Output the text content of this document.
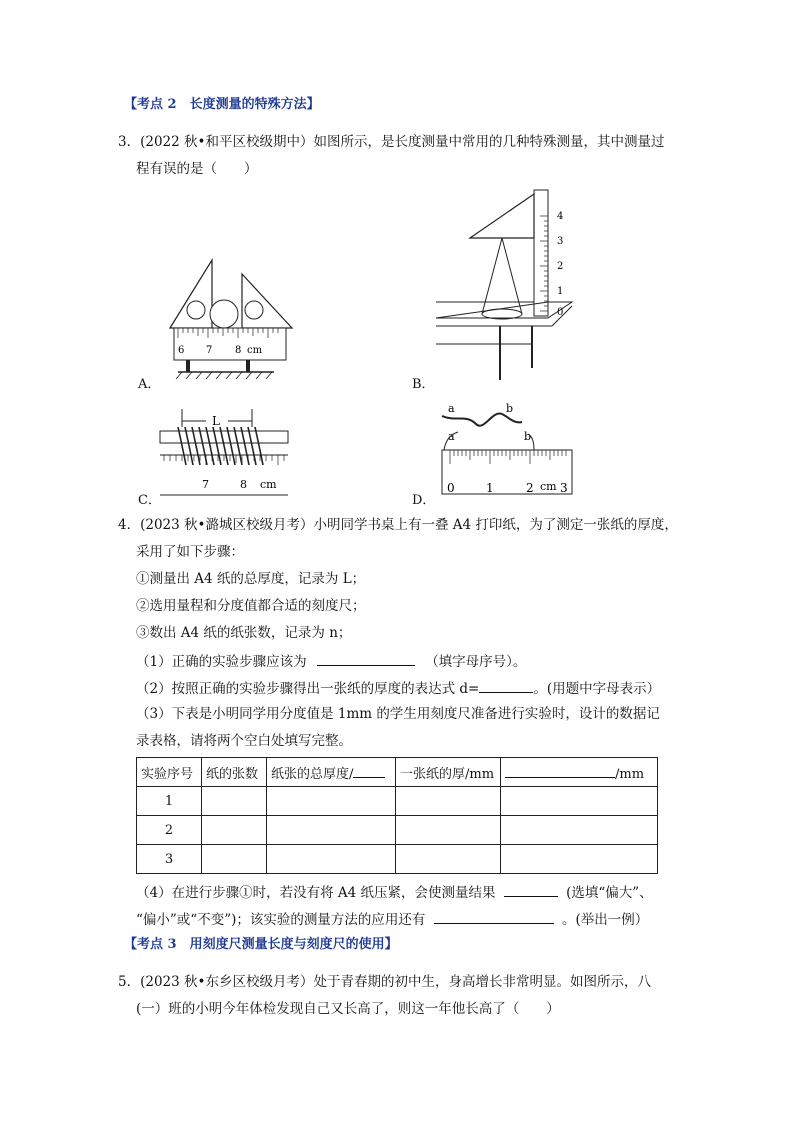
【考点 2　长度测量的特殊方法】
3．(2022 秋•和平区校级期中）如图所示，是长度测量中常用的几种特殊测量，其中测量过
程有误的是（　　）
6 7 8 cm
A．
4
3
2
1
0
B．
L
7	8 cm
C．
a	b
a	b
0	1	2 cm 3
D．
4．(2023 秋•潞城区校级月考）小明同学书桌上有一叠 A4 打印纸，为了测定一张纸的厚度，
采用了如下步骤：
①测量出 A4 纸的总厚度，记录为 L；
②选用量程和分度值都合适的刻度尺；
③数出 A4 纸的纸张数，记录为 n；
（1）正确的实验步骤应该为	（填字母序号）。
（2）按照正确的实验步骤得出一张纸的厚度的表达式 d=	。(用题中字母表示）
（3）下表是小明同学用分度值是 1mm 的学生用刻度尺准备进行实验时，设计的数据记
录表格，请将两个空白处填写完整。
实验序号	纸的张数	纸张的总厚度/	一张纸的厚/mm	/mm
1				
2				
3				
（4）在进行步骤①时，若没有将 A4 纸压紧，会使测量结果	(选填“偏大”、
“偏小”或“不变”)；该实验的测量方法的应用还有	。(举出一例）
【考点 3　用刻度尺测量长度与刻度尺的使用】
5．(2023 秋•东乡区校级月考）处于青春期的初中生，身高增长非常明显。如图所示，八
(一）班的小明今年体检发现自己又长高了，则这一年他长高了（　　）
